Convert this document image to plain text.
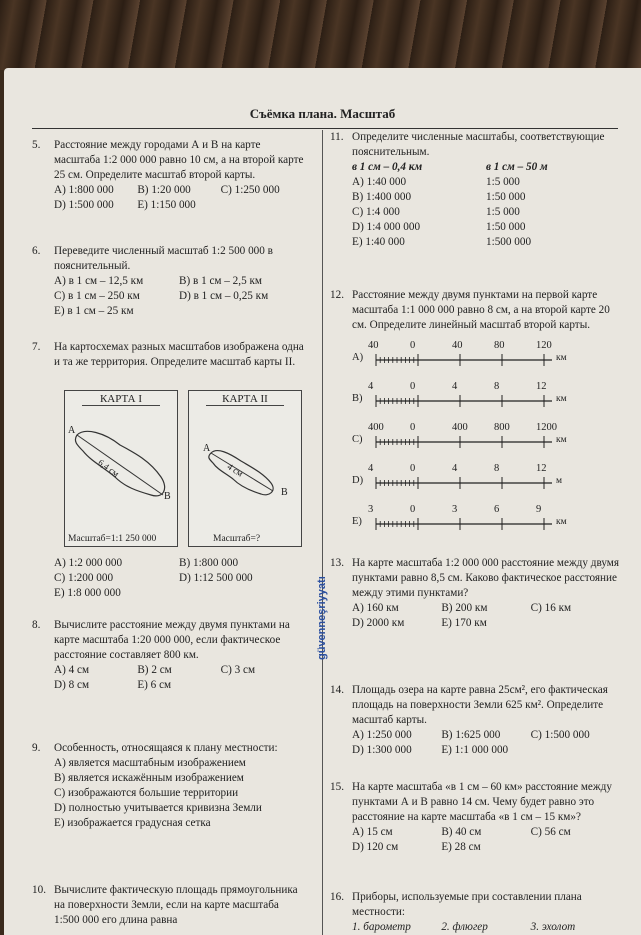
Съёмка плана. Масштаб
5. Расстояние между городами А и В на карте масштаба 1:2 000 000 равно 10 см, а на второй карте 25 см. Определите масштаб второй карты.
A) 1:800 000	B) 1:20 000	C) 1:250 000
D) 1:500 000	E) 1:150 000
6. Переведите численный масштаб 1:2 500 000 в пояснительный.
A) в 1 см – 12,5 км	B) в 1 см – 2,5 км
C) в 1 см – 250 км	D) в 1 см – 0,25 км
E) в 1 см – 25 км
7. На картосхемах разных масштабов изображена одна и та же территория. Определите масштаб карты II.
КАРТА I
A
B
6,4 см
Масштаб=1:1 250 000
КАРТА II
A
B
4 см
Масштаб=?
A) 1:2 000 000	B) 1:800 000
C) 1:200 000	D) 1:12 500 000
E) 1:8 000 000
8. Вычислите расстояние между двумя пунктами на карте масштаба 1:20 000 000, если фактическое расстояние составляет 800 км.
A) 4 см	B) 2 см	C) 3 см
D) 8 см	E) 6 см
9. Особенность, относящаяся к плану местности:
A) является масштабным изображением
B) является искажённым изображением
C) изображаются большие территории
D) полностью учитывается кривизна Земли
E) изображается градусная сетка
10. Вычислите фактическую площадь прямоугольника на поверхности Земли, если на карте масштаба 1:500 000 его длина равна
güvenneşriyyatı
11. Определите численные масштабы, соответствующие пояснительным.
в 1 см – 0,4 км	в 1 см – 50 м
A) 1:40 000	1:5 000
B) 1:400 000	1:50 000
C) 1:4 000	1:5 000
D) 1:4 000 000	1:50 000
E) 1:40 000	1:500 000
12. Расстояние между двумя пунктами на первой карте масштаба 1:1 000 000 равно 8 см, а на второй карте 20 см. Определите линейный масштаб второй карты.
13. На карте масштаба 1:2 000 000 расстояние между двумя пунктами равно 8,5 см. Каково фактическое расстояние между этими пунктами?
A) 160 км	B) 200 км	C) 16 км
D) 2000 км	E) 170 км
14. Площадь озера на карте равна 25см², его фактическая площадь на поверхности Земли 625 км². Определите масштаб карты.
A) 1:250 000	B) 1:625 000	C) 1:500 000
D) 1:300 000	E) 1:1 000 000
15. На карте масштаба «в 1 см – 60 км» расстояние между пунктами А и В равно 14 см. Чему будет равно это расстояние на карте масштаба «в 1 см – 15 км»?
A) 15 см	B) 40 см	C) 56 см
D) 120 см	E) 28 см
16. Приборы, используемые при составлении плана местности:
1. барометр	2. флюгер	3. эхолот
A)
40	0	40	80	120
км
B)
4	0	4	8	12
км
C)
400	0	400	800	1200
км
D)
4	0	4	8	12
м
E)
3	0	3	6	9
км
